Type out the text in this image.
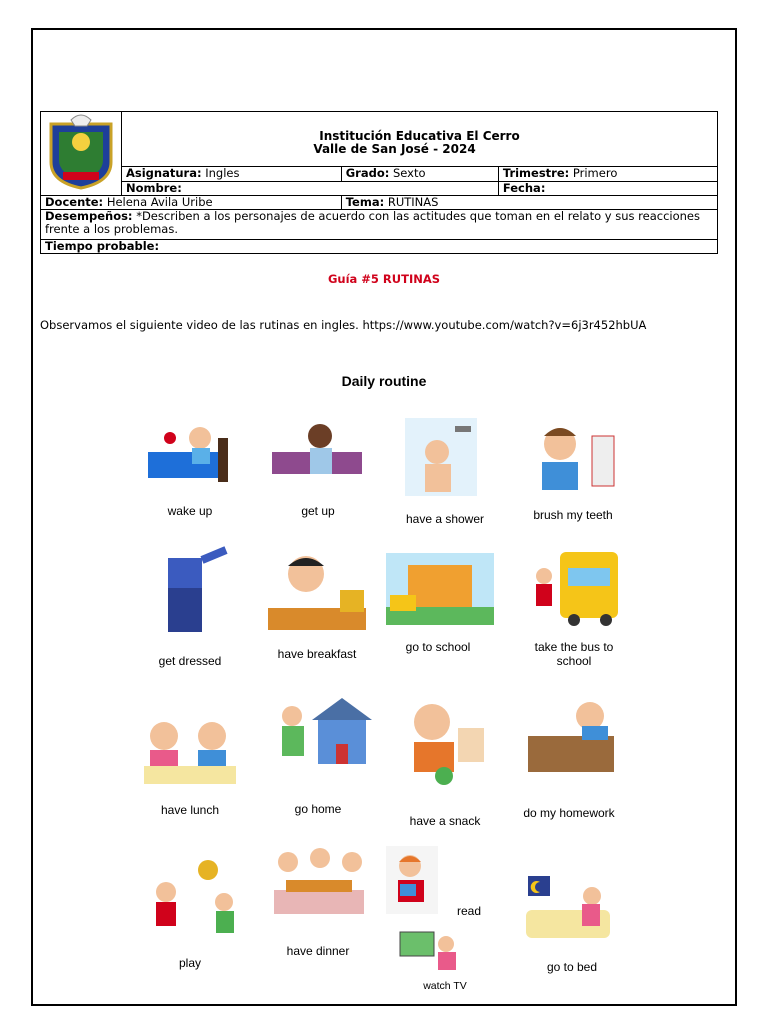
Institución Educativa El Cerro
Valle de San José - 2024		

	Asignatura: Ingles	Grado: Sexto	Trimestre: Primero
	Nombre:		Fecha:
Docente: Helena Avila Uribe		Tema: RUTINAS	
Desempeños: *Describen a los personajes de acuerdo con las actitudes que toman en el relato y sus reacciones frente a los problemas.			
Tiempo probable:			
Guía #5 RUTINAS
Observamos el siguiente video de las rutinas en ingles. https://www.youtube.com/watch?v=6j3r452hbUA
Daily routine
wake up	get up
have a shower	brush my teeth
get dressed	have breakfast	go to school	take the bus to school
have lunch	go home
have a snack
do my homework
play
have dinner
read
watch TV
go to bed
